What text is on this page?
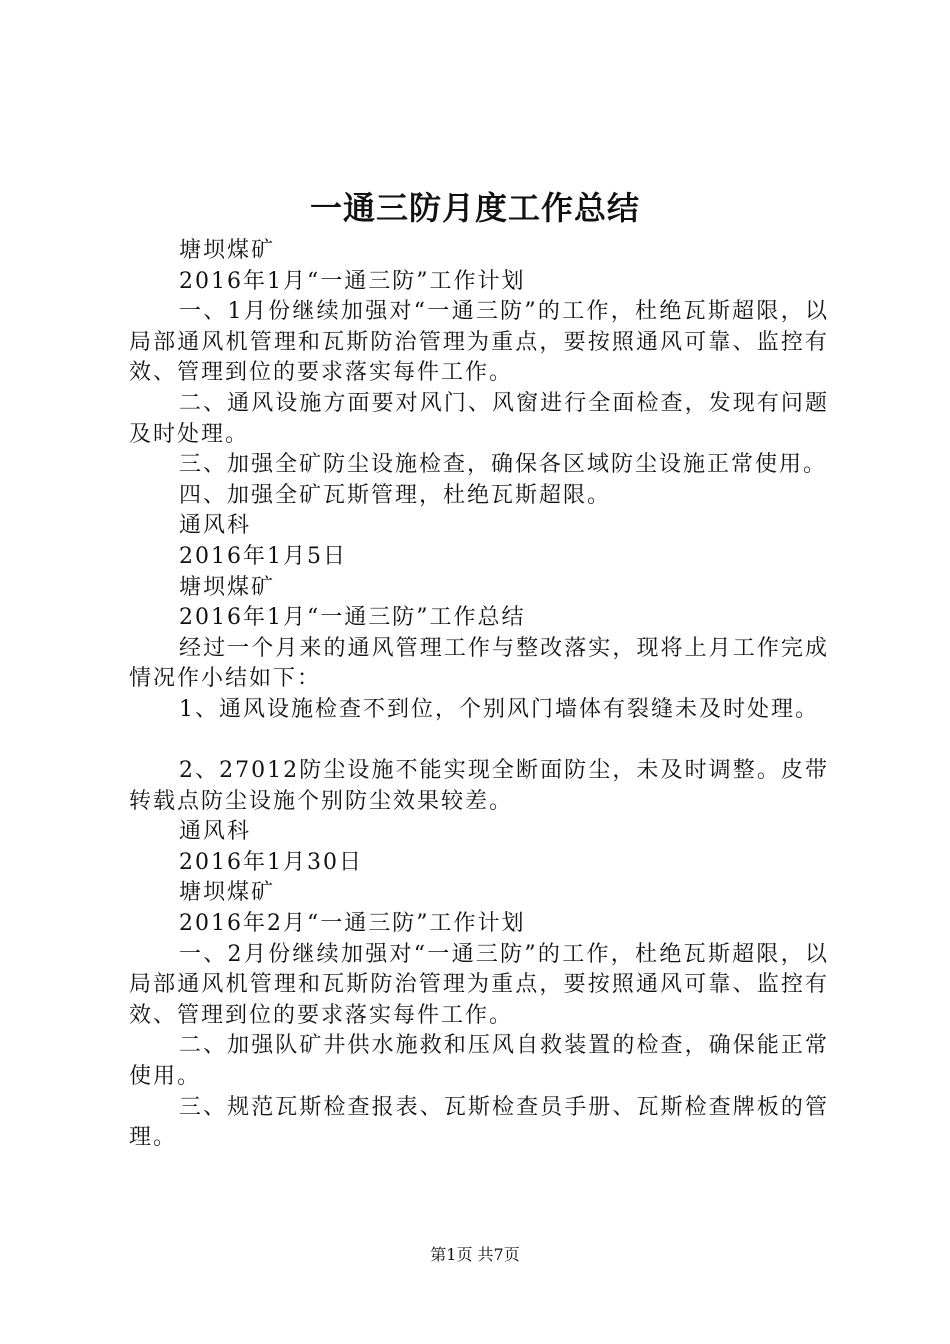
一通三防月度工作总结

塘坝煤矿

2016年1月“一通三防”工作计划

一、1月份继续加强对“一通三防”的工作，杜绝瓦斯超限，以局部通风机管理和瓦斯防治管理为重点，要按照通风可靠、监控有效、管理到位的要求落实每件工作。

二、通风设施方面要对风门、风窗进行全面检查，发现有问题及时处理。

三、加强全矿防尘设施检查，确保各区域防尘设施正常使用。

四、加强全矿瓦斯管理，杜绝瓦斯超限。

通风科

2016年1月5日

塘坝煤矿

2016年1月“一通三防”工作总结

经过一个月来的通风管理工作与整改落实，现将上月工作完成情况作小结如下：

1、通风设施检查不到位，个别风门墙体有裂缝未及时处理。

2、27012防尘设施不能实现全断面防尘，未及时调整。皮带转载点防尘设施个别防尘效果较差。

通风科

2016年1月30日

塘坝煤矿

2016年2月“一通三防”工作计划

一、2月份继续加强对“一通三防”的工作，杜绝瓦斯超限，以局部通风机管理和瓦斯防治管理为重点，要按照通风可靠、监控有效、管理到位的要求落实每件工作。

二、加强队矿井供水施救和压风自救装置的检查，确保能正常使用。

三、规范瓦斯检查报表、瓦斯检查员手册、瓦斯检查牌板的管理。

第1页 共7页
